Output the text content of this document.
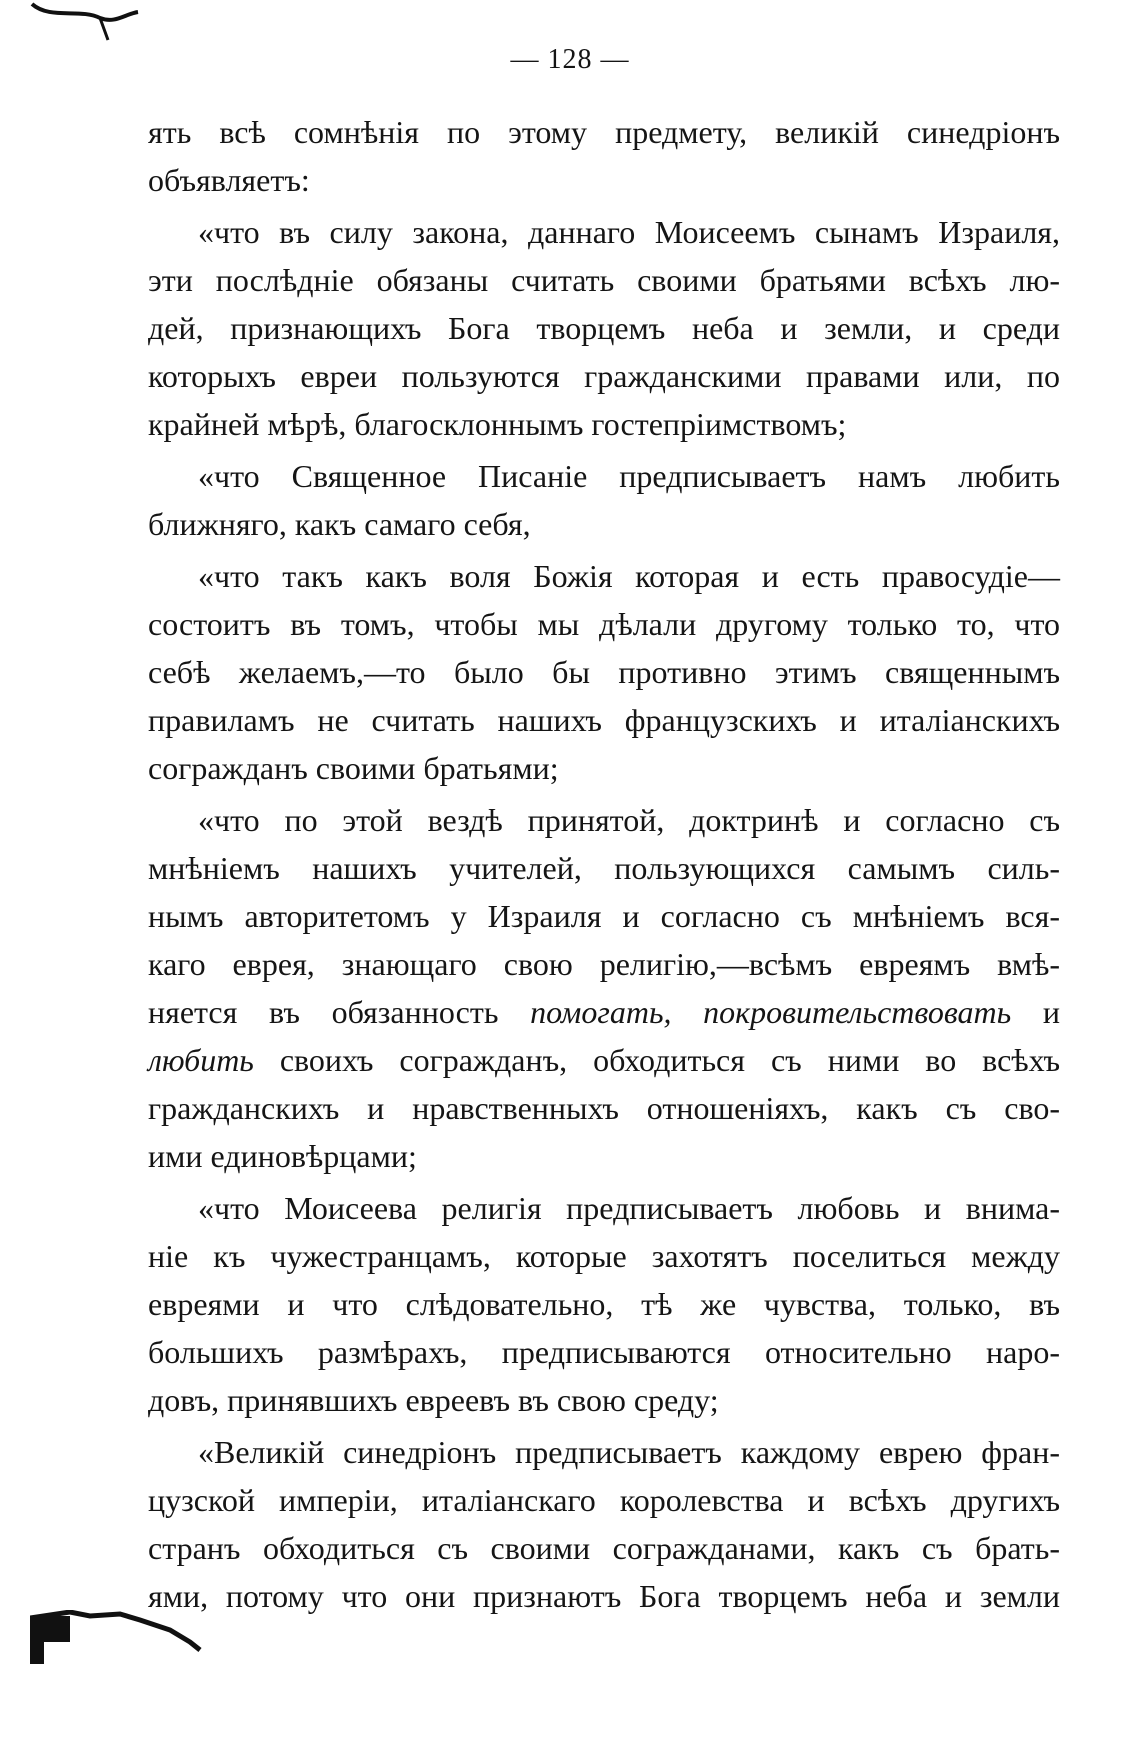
— 128 —
ять всѣ сомнѣнія по этому предмету, великій синедріонъ
объявляетъ:
«что въ силу закона, даннаго Моисеемъ сынамъ Израиля,
эти послѣдніе обязаны считать своими братьями всѣхъ лю-
дей, признающихъ Бога творцемъ неба и земли, и среди
которыхъ евреи пользуются гражданскими правами или, по
крайней мѣрѣ, благосклоннымъ гостепріимствомъ;
«что Священное Писаніе предписываетъ намъ любить
ближняго, какъ самаго себя,
«что такъ какъ воля Божія которая и есть правосудіе—
состоитъ въ томъ, чтобы мы дѣлали другому только то, что
себѣ желаемъ,—то было бы противно этимъ священнымъ
правиламъ не считать нашихъ французскихъ и италіанскихъ
согражданъ своими братьями;
«что по этой вездѣ принятой, доктринѣ и согласно съ
мнѣніемъ нашихъ учителей, пользующихся самымъ силь-
нымъ авторитетомъ у Израиля и согласно съ мнѣніемъ вся-
каго еврея, знающаго свою религію,—всѣмъ евреямъ вмѣ-
няется въ обязанность помогать, покровительствовать и
любить своихъ согражданъ, обходиться съ ними во всѣхъ
гражданскихъ и нравственныхъ отношеніяхъ, какъ съ сво-
ими единовѣрцами;
«что Моисеева религія предписываетъ любовь и внима-
ніе къ чужестранцамъ, которые захотятъ поселиться между
евреями и что слѣдовательно, тѣ же чувства, только, въ
большихъ размѣрахъ, предписываются относительно наро-
довъ, принявшихъ евреевъ въ свою среду;
«Великій синедріонъ предписываетъ каждому еврею фран-
цузской имперіи, италіанскаго королевства и всѣхъ другихъ
странъ обходиться съ своими согражданами, какъ съ брать-
ями, потому что они признаютъ Бога творцемъ неба и земли
